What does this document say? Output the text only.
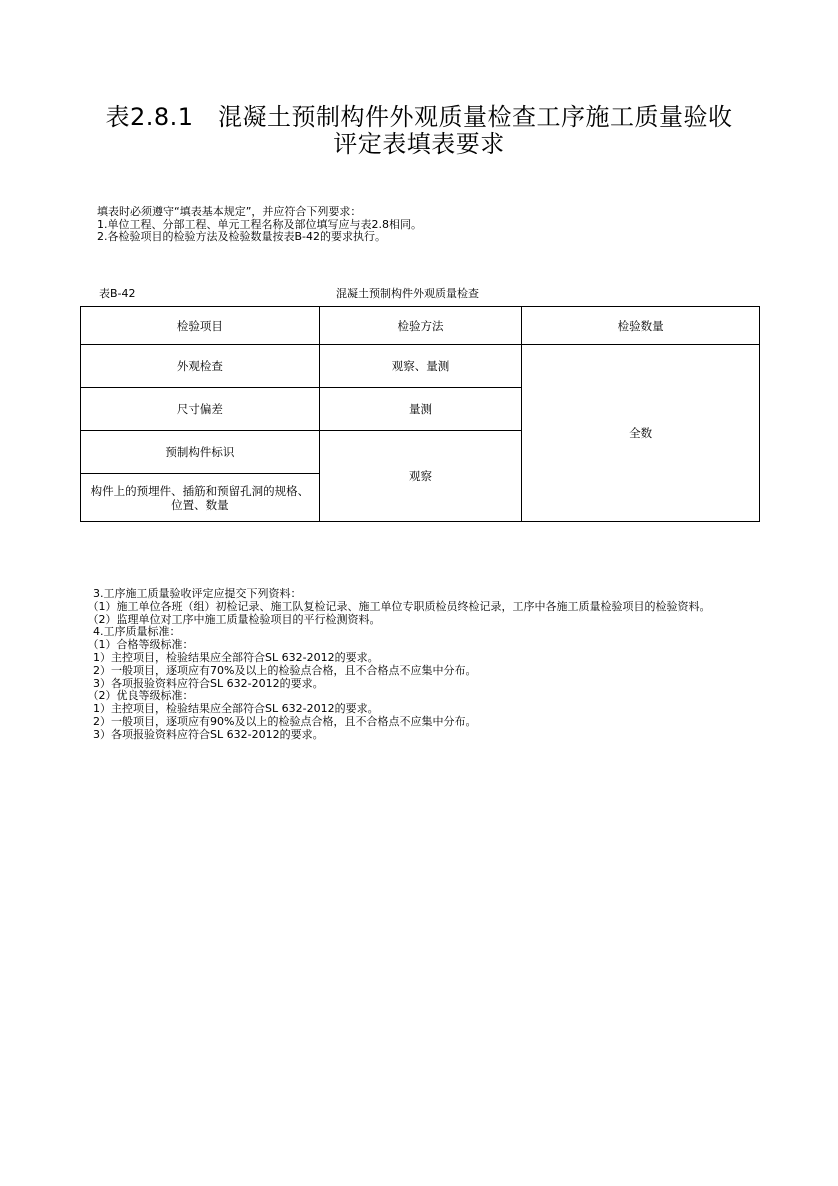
表2.8.1　混凝土预制构件外观质量检查工序施工质量验收
评定表填表要求
填表时必须遵守“填表基本规定”，并应符合下列要求：
1.单位工程、分部工程、单元工程名称及部位填写应与表2.8相同。
2.各检验项目的检验方法及检验数量按表B-42的要求执行。
表B-42	混凝土预制构件外观质量检查
检验项目	检验方法	检验数量
外观检查	观察、量测	全数
尺寸偏差	量测	
预制构件标识	观察	
构件上的预埋件、插筋和预留孔洞的规格、位置、数量		
　3.工序施工质量验收评定应提交下列资料：
　（1）施工单位各班（组）初检记录、施工队复检记录、施工单位专职质检员终检记录，工序中各施工质量检验项目的检验资料。
　（2）监理单位对工序中施工质量检验项目的平行检测资料。
　4.工序质量标准：
　（1）合格等级标准：
　1）主控项目，检验结果应全部符合SL 632-2012的要求。
　2）一般项目，逐项应有70%及以上的检验点合格，且不合格点不应集中分布。
　3）各项报验资料应符合SL 632-2012的要求。
　（2）优良等级标准：
　1）主控项目，检验结果应全部符合SL 632-2012的要求。
　2）一般项目，逐项应有90%及以上的检验点合格，且不合格点不应集中分布。
　3）各项报验资料应符合SL 632-2012的要求。
